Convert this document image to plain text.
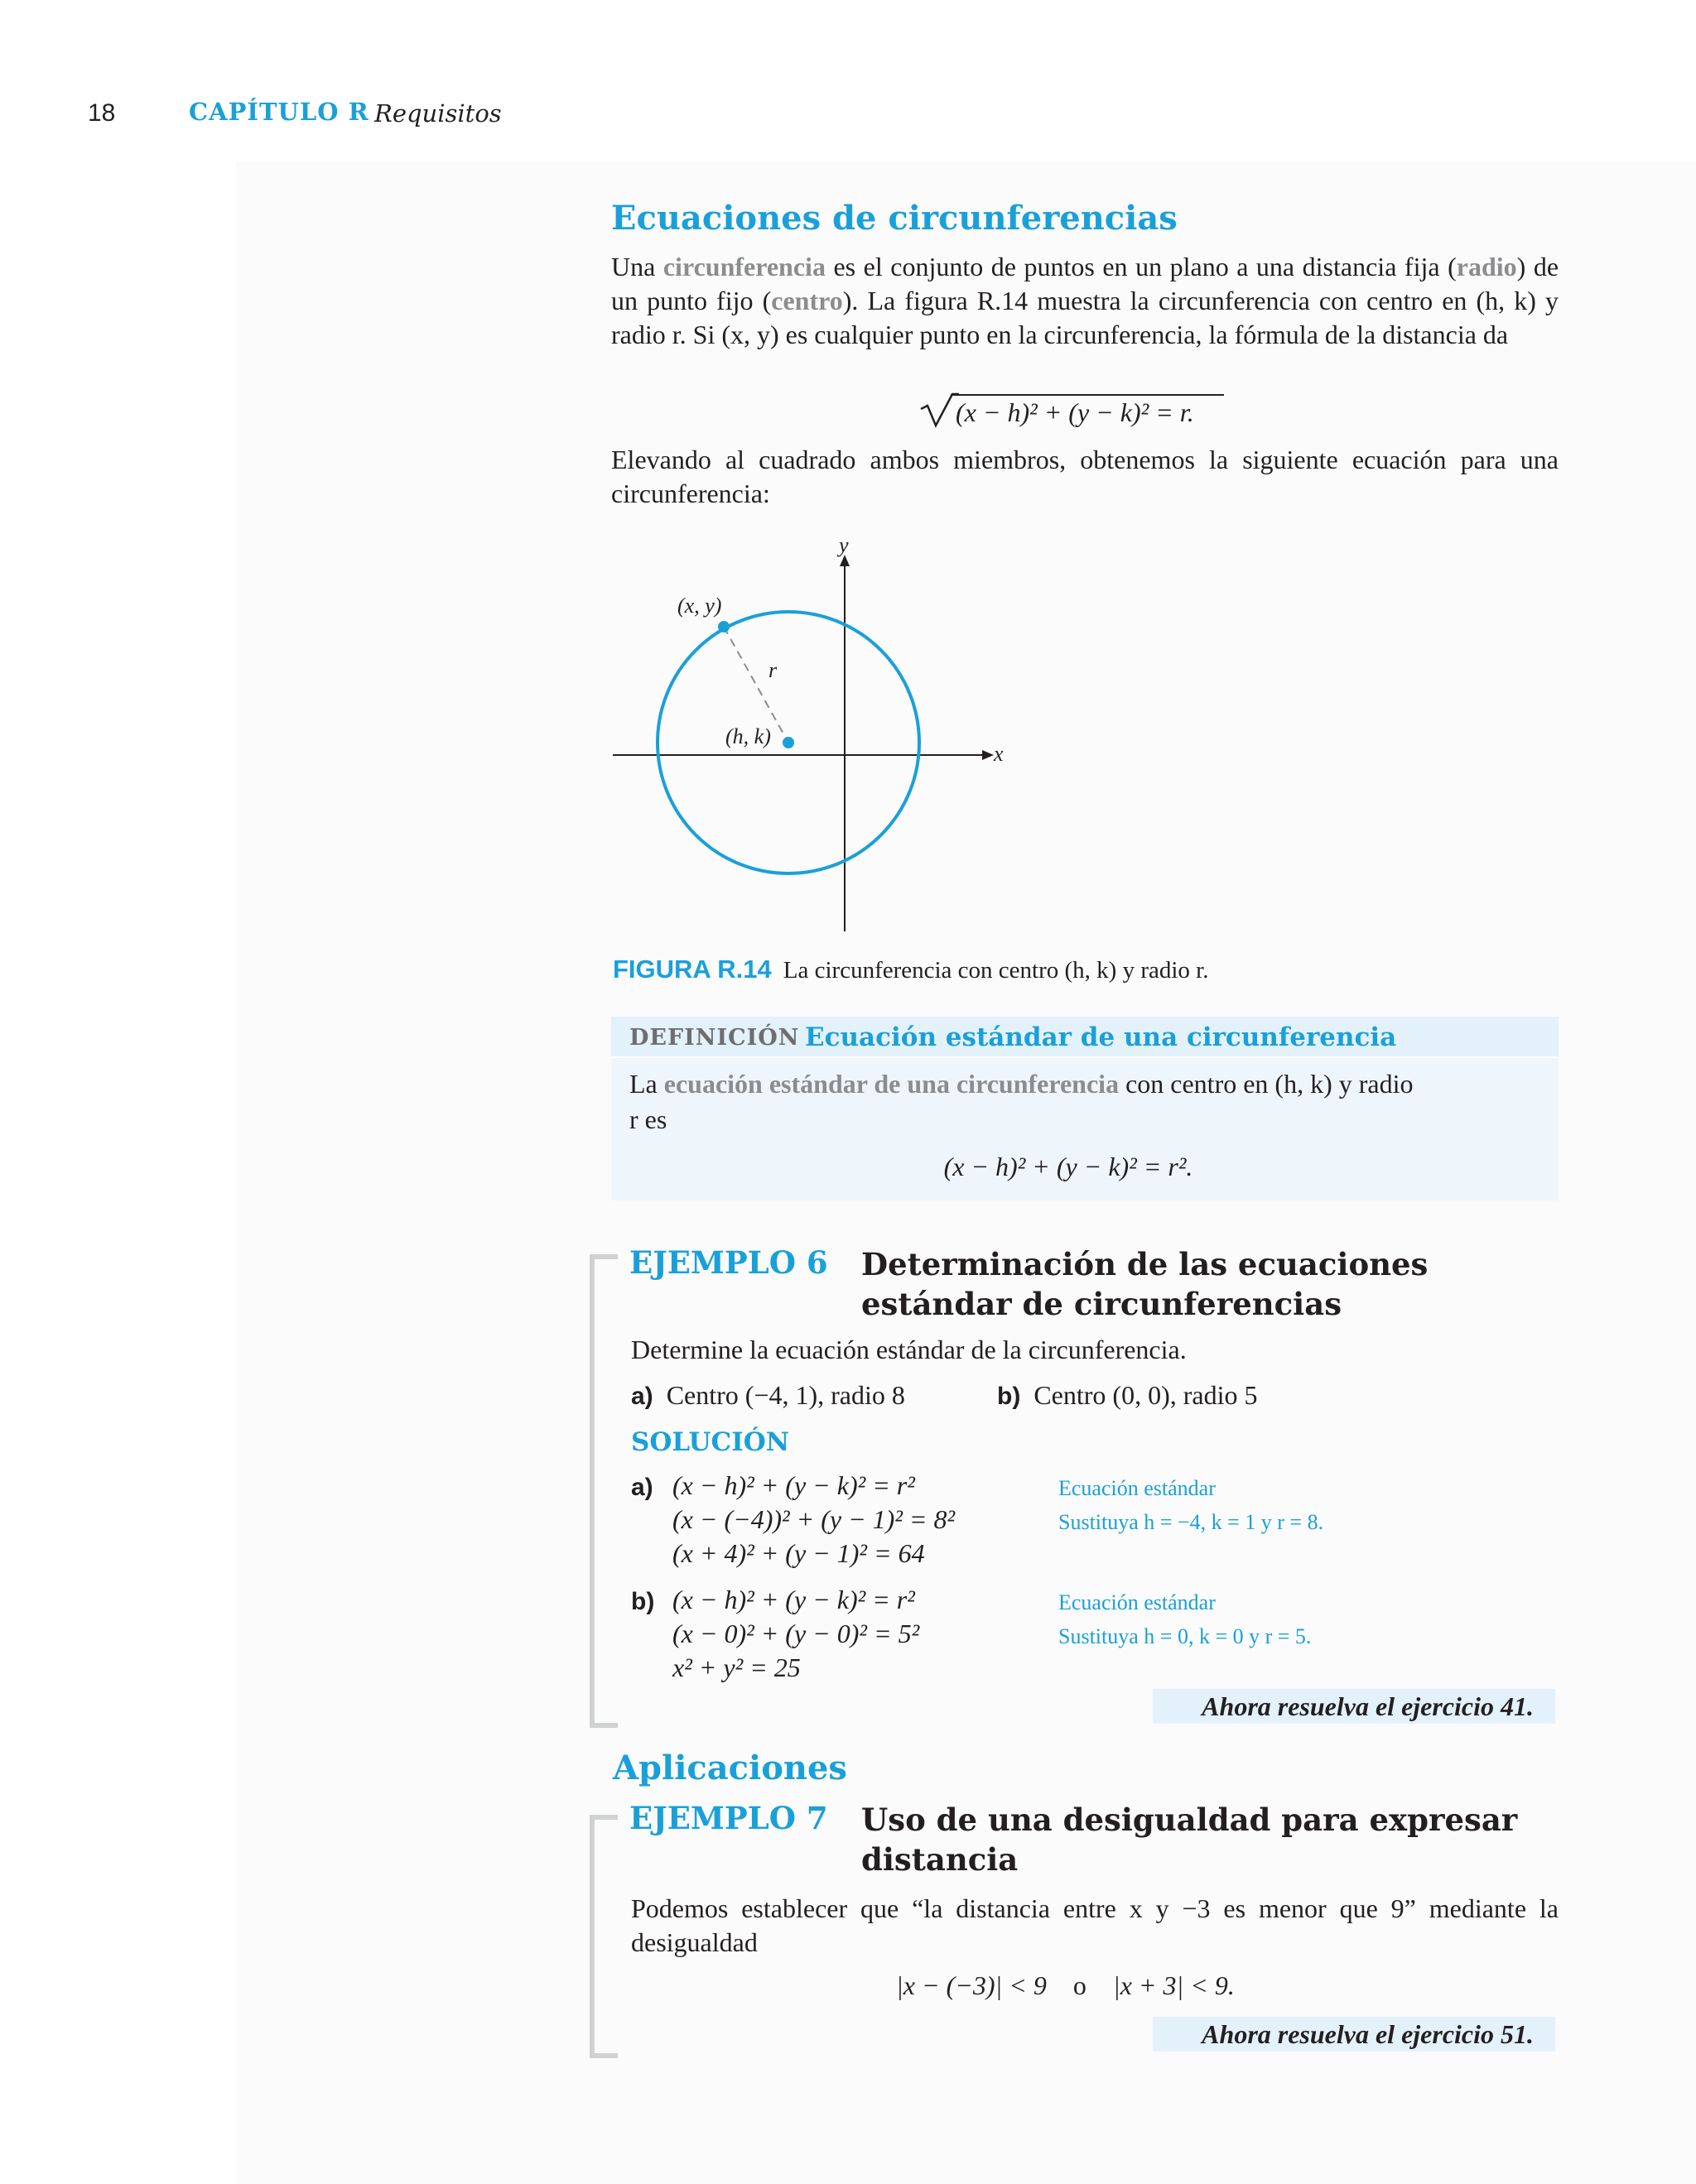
18	CAPÍTULO R Requisitos
Ecuaciones de circunferencias
Una circunferencia es el conjunto de puntos en un plano a una distancia fija (radio) de un punto fijo (centro). La figura R.14 muestra la circunferencia con centro en (h, k) y radio r. Si (x, y) es cualquier punto en la circunferencia, la fórmula de la distancia da
(x − h)² + (y − k)² = r.
Elevando al cuadrado ambos miembros, obtenemos la siguiente ecuación para una circunferencia:
x
y
(x, y)
(h, k)
r
FIGURA R.14 La circunferencia con centro (h, k) y radio r.
DEFINICIÓN Ecuación estándar de una circunferencia
La ecuación estándar de una circunferencia con centro en (h, k) y radio
r es
(x − h)² + (y − k)² = r².
EJEMPLO 6 Determinación de las ecuaciones
estándar de circunferencias
Determine la ecuación estándar de la circunferencia.
a) Centro (−4, 1), radio 8	b) Centro (0, 0), radio 5
SOLUCIÓN
a) (x − h)² + (y − k)² = r²
(x − (−4))² + (y − 1)² = 8²
(x + 4)² + (y − 1)² = 64
Ecuación estándar
Sustituya h = −4, k = 1 y r = 8.
b) (x − h)² + (y − k)² = r²
(x − 0)² + (y − 0)² = 5²
x² + y² = 25
Ecuación estándar
Sustituya h = 0, k = 0 y r = 5.
Ahora resuelva el ejercicio 41.
Aplicaciones
EJEMPLO 7 Uso de una desigualdad para expresar
distancia
Podemos establecer que “la distancia entre x y −3 es menor que 9” mediante la desigualdad
|x − (−3)| < 9 o |x + 3| < 9.
Ahora resuelva el ejercicio 51.
